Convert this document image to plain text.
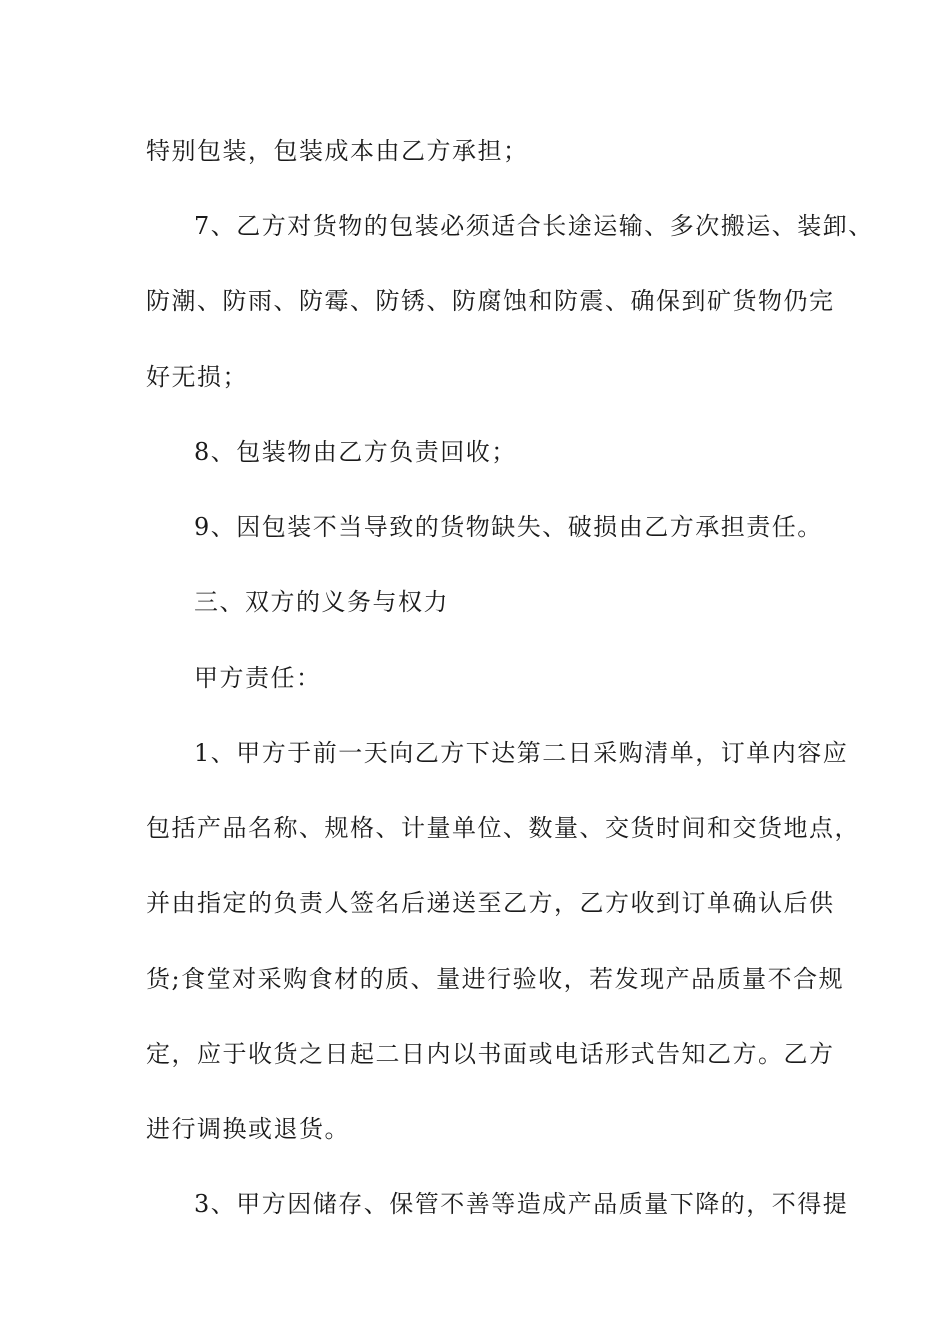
特别包装，包装成本由乙方承担；
7、乙方对货物的包装必须适合长途运输、多次搬运、装卸、
防潮、防雨、防霉、防锈、防腐蚀和防震、确保到矿货物仍完
好无损；
8、包装物由乙方负责回收；
9、因包装不当导致的货物缺失、破损由乙方承担责任。
三、双方的义务与权力
甲方责任：
1、甲方于前一天向乙方下达第二日采购清单，订单内容应
包括产品名称、规格、计量单位、数量、交货时间和交货地点，
并由指定的负责人签名后递送至乙方，乙方收到订单确认后供
货;食堂对采购食材的质、量进行验收，若发现产品质量不合规
定，应于收货之日起二日内以书面或电话形式告知乙方。乙方
进行调换或退货。
3、甲方因储存、保管不善等造成产品质量下降的，不得提
